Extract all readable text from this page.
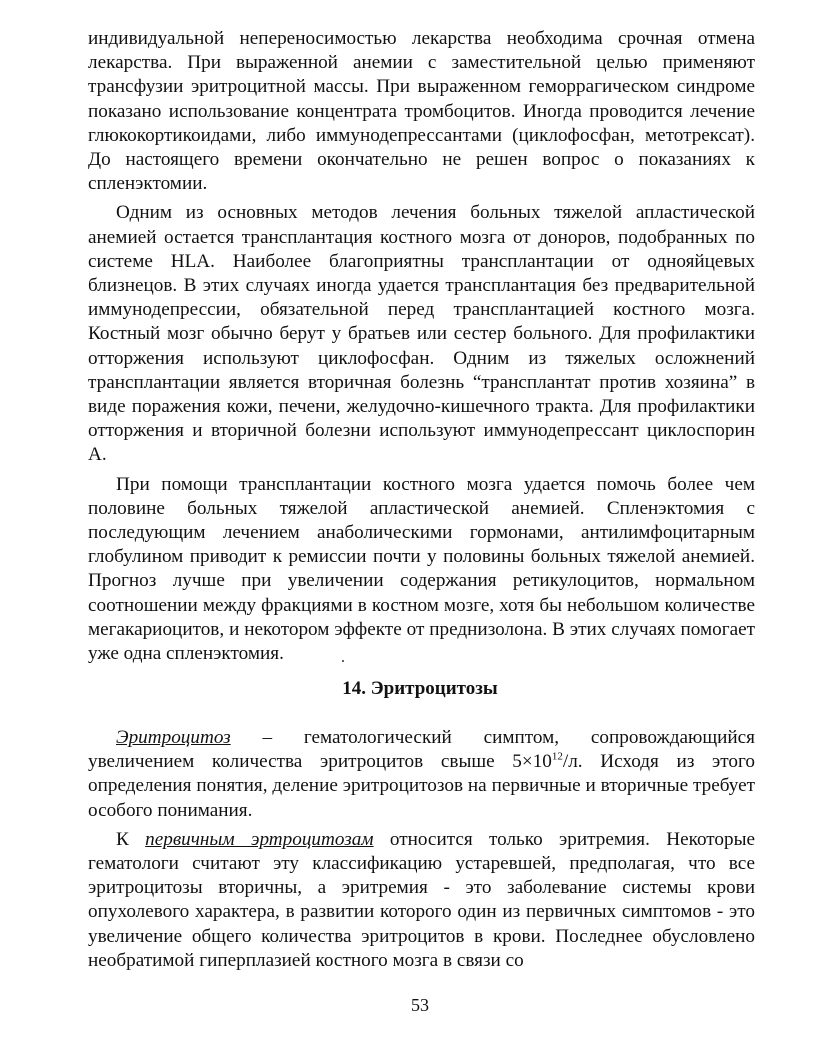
индивидуальной непереносимостью лекарства необходима срочная отмена лекарства. При выраженной анемии с заместительной целью применяют трансфузии эритроцитной массы. При выраженном геморрагическом синдроме показано использование концентрата тромбоцитов. Иногда проводится лечение глюкокортикоидами, либо иммунодепрессантами (циклофосфан, метотрексат). До настоящего времени окончательно не решен вопрос о показаниях к спленэктомии.

Одним из основных методов лечения больных тяжелой апластической анемией остается трансплантация костного мозга от доноров, подобранных по системе HLA. Наиболее благоприятны трансплантации от однояйцевых близнецов. В этих случаях иногда удается трансплантация без предварительной иммунодепрессии, обязательной перед трансплантацией костного мозга. Костный мозг обычно берут у братьев или сестер больного. Для профилактики отторжения используют циклофосфан. Одним из тяжелых осложнений трансплантации является вторичная болезнь “трансплантат против хозяина” в виде поражения кожи, печени, желудочно-кишечного тракта. Для профилактики отторжения и вторичной болезни используют иммунодепрессант циклоспорин А.

При помощи трансплантации костного мозга удается помочь более чем половине больных тяжелой апластической анемией. Спленэктомия с последующим лечением анаболическими гормонами, антилимфоцитарным глобулином приводит к ремиссии почти у половины больных тяжелой анемией. Прогноз лучше при увеличении содержания ретикулоцитов, нормальном соотношении между фракциями в костном мозге, хотя бы небольшом количестве мегакариоцитов, и некотором эффекте от преднизолона. В этих случаях помогает уже одна спленэктомия.

14. Эритроцитозы

Эритроцитоз – гематологический симптом, сопровождающийся увеличением количества эритроцитов свыше $5\times 10^{12}/л$. Исходя из этого определения понятия, деление эритроцитозов на первичные и вторичные требует особого понимания.

К первичным эртроцитозам относится только эритремия. Некоторые гематологи считают эту классификацию устаревшей, предполагая, что все эритроцитозы вторичны, а эритремия - это заболевание системы крови опухолевого характера, в развитии которого один из первичных симптомов - это увеличение общего количества эритроцитов в крови. Последнее обусловлено необратимой гиперплазией костного мозга в связи со

53
